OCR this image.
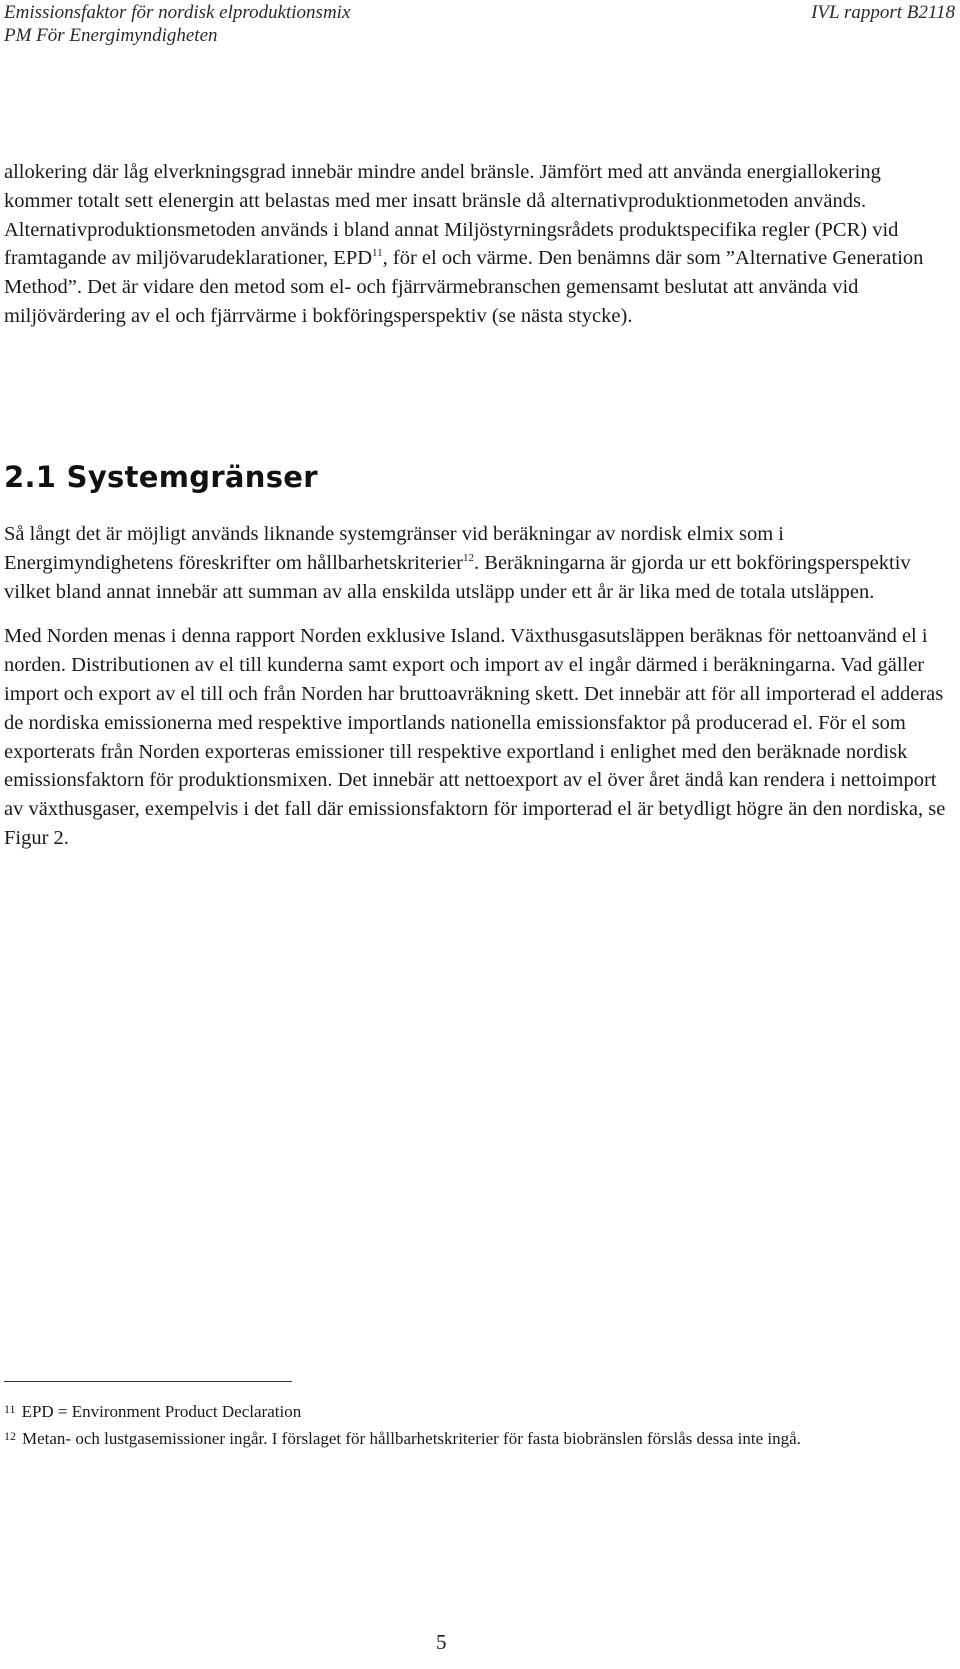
Emissionsfaktor för nordisk elproduktionsmix
PM För Energimyndigheten
IVL rapport B2118

allokering där låg elverkningsgrad innebär mindre andel bränsle. Jämfört med att använda energiallokering kommer totalt sett elenergin att belastas med mer insatt bränsle då alternativproduktionmetoden används. Alternativproduktionsmetoden används i bland annat Miljöstyrningsrådets produktspecifika regler (PCR) vid framtagande av miljövarudeklarationer, EPD$^{11}$, för el och värme. Den benämns där som ”Alternative Generation Method”. Det är vidare den metod som el- och fjärrvärmebranschen gemensamt beslutat att använda vid miljövärdering av el och fjärrvärme i bokföringsperspektiv (se nästa stycke).

2.1 Systemgränser

Så långt det är möjligt används liknande systemgränser vid beräkningar av nordisk elmix som i Energimyndighetens föreskrifter om hållbarhetskriterier$^{12}$. Beräkningarna är gjorda ur ett bokföringsperspektiv vilket bland annat innebär att summan av alla enskilda utsläpp under ett år är lika med de totala utsläppen.

Med Norden menas i denna rapport Norden exklusive Island. Växthusgasutsläppen beräknas för nettoanvänd el i norden. Distributionen av el till kunderna samt export och import av el ingår därmed i beräkningarna. Vad gäller import och export av el till och från Norden har bruttoavräkning skett. Det innebär att för all importerad el adderas de nordiska emissionerna med respektive importlands nationella emissionsfaktor på producerad el. För el som exporterats från Norden exporteras emissioner till respektive exportland i enlighet med den beräknade nordisk emissionsfaktorn för produktionsmixen. Det innebär att nettoexport av el över året ändå kan rendera i nettoimport av växthusgaser, exempelvis i det fall där emissionsfaktorn för importerad el är betydligt högre än den nordiska, se Figur 2.

$^{11}$ EPD = Environment Product Declaration
$^{12}$ Metan- och lustgasemissioner ingår. I förslaget för hållbarhetskriterier för fasta biobränslen förslås dessa inte ingå.
5
